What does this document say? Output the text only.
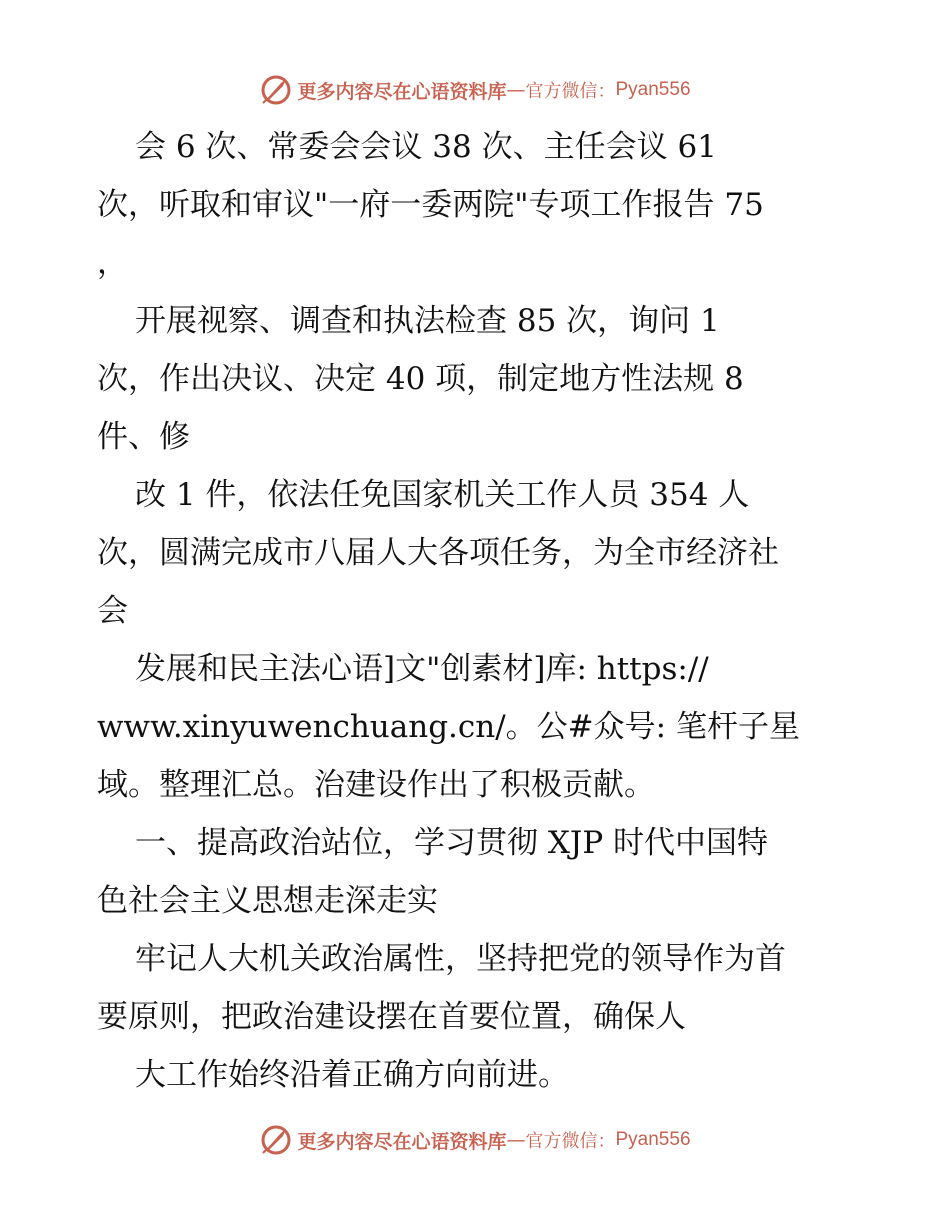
更多内容尽在心语资料库 — 官方微信： Pyan556
会 6 次、常委会会议 38 次、主任会议 61
次，听取和审议"一府一委两院"专项工作报告 75
，
开展视察、调查和执法检查 85 次，询问 1
次，作出决议、决定 40 项，制定地方性法规 8
件、修
改 1 件，依法任免国家机关工作人员 354 人
次，圆满完成市八届人大各项任务，为全市经济社
会
发展和民主法心语]文"创素材]库: https://
www.xinyuwenchuang.cn/。公#众号: 笔杆子星
域。整理汇总。治建设作出了积极贡献。
一、提高政治站位，学习贯彻 XJP 时代中国特
色社会主义思想走深走实
牢记人大机关政治属性，坚持把党的领导作为首
要原则，把政治建设摆在首要位置，确保人
大工作始终沿着正确方向前进。
更多内容尽在心语资料库 — 官方微信： Pyan556
